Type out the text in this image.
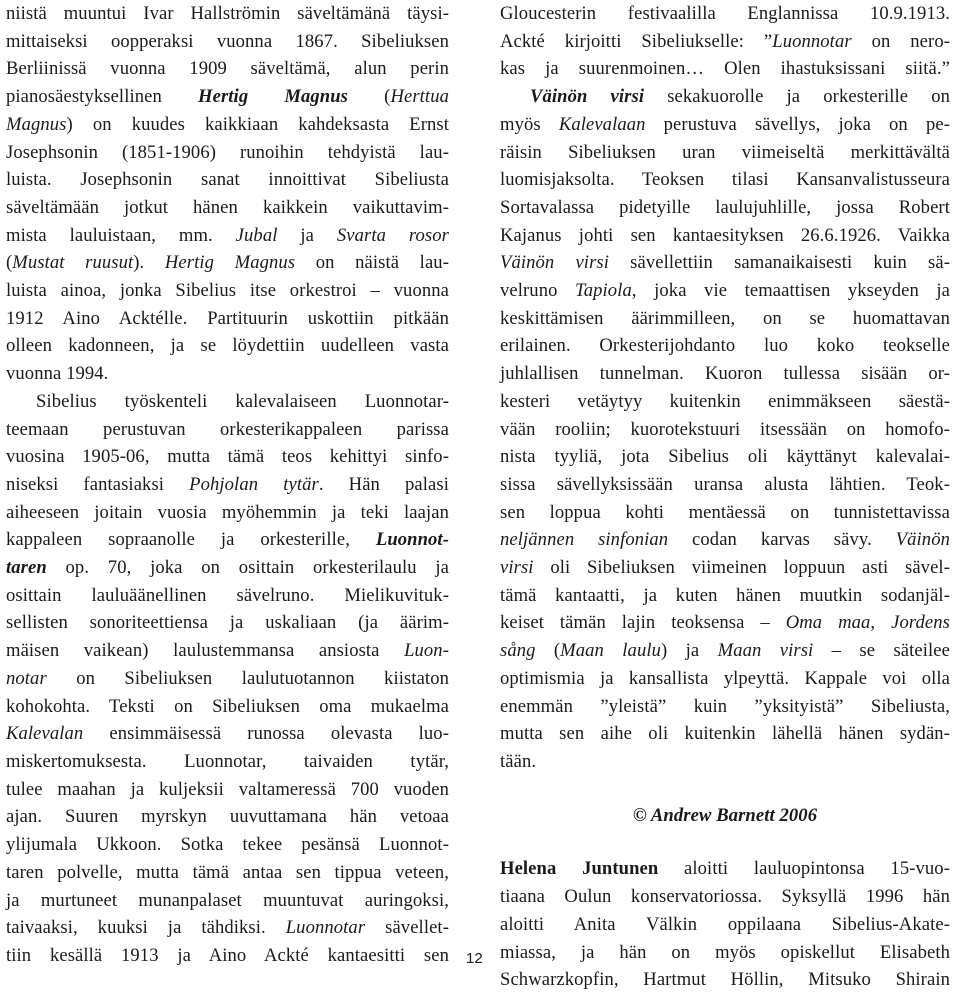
niistä muuntui Ivar Hallströmin säveltämänä täysi-
mittaiseksi oopperaksi vuonna 1867. Sibeliuksen
Berliinissä vuonna 1909 säveltämä, alun perin
pianosäestyksellinen Hertig Magnus (Herttua
Magnus) on kuudes kaikkiaan kahdeksasta Ernst
Josephsonin (1851-1906) runoihin tehdyistä lau-
luista. Josephsonin sanat innoittivat Sibeliusta
säveltämään jotkut hänen kaikkein vaikuttavim-
mista lauluistaan, mm. Jubal ja Svarta rosor
(Mustat ruusut). Hertig Magnus on näistä lau-
luista ainoa, jonka Sibelius itse orkestroi – vuonna
1912 Aino Acktélle. Partituurin uskottiin pitkään
olleen kadonneen, ja se löydettiin uudelleen vasta
vuonna 1994.
Sibelius työskenteli kalevalaiseen Luonnotar-
teemaan perustuvan orkesterikappaleen parissa
vuosina 1905-06, mutta tämä teos kehittyi sinfo-
niseksi fantasiaksi Pohjolan tytär. Hän palasi
aiheeseen joitain vuosia myöhemmin ja teki laajan
kappaleen sopraanolle ja orkesterille, Luonnot-
taren op. 70, joka on osittain orkesterilaulu ja
osittain lauluäänellinen sävelruno. Mielikuvituk-
sellisten sonoriteettiensa ja uskaliaan (ja äärim-
mäisen vaikean) laulustemmansa ansiosta Luon-
notar on Sibeliuksen laulutuotannon kiistaton
kohokohta. Teksti on Sibeliuksen oma mukaelma
Kalevalan ensimmäisessä runossa olevasta luo-
miskertomuksesta. Luonnotar, taivaiden tytär,
tulee maahan ja kuljeksii valtameressä 700 vuoden
ajan. Suuren myrskyn uuvuttamana hän vetoaa
ylijumala Ukkoon. Sotka tekee pesänsä Luonnot-
taren polvelle, mutta tämä antaa sen tippua veteen,
ja murtuneet munanpalaset muuntuvat auringoksi,
taivaaksi, kuuksi ja tähdiksi. Luonnotar sävellet-
tiin kesällä 1913 ja Aino Ackté kantaesitti sen
Gloucesterin festivaalilla Englannissa 10.9.1913.
Ackté kirjoitti Sibeliukselle: ”Luonnotar on nero-
kas ja suurenmoinen… Olen ihastuksissani siitä.”
Väinön virsi sekakuorolle ja orkesterille on
myös Kalevalaan perustuva sävellys, joka on pe-
räisin Sibeliuksen uran viimeiseltä merkittävältä
luomisjaksolta. Teoksen tilasi Kansanvalistusseura
Sortavalassa pidetyille laulujuhlille, jossa Robert
Kajanus johti sen kantaesityksen 26.6.1926. Vaikka
Väinön virsi sävellettiin samanaikaisesti kuin sä-
velruno Tapiola, joka vie temaattisen ykseyden ja
keskittämisen äärimmilleen, on se huomattavan
erilainen. Orkesterijohdanto luo koko teokselle
juhlallisen tunnelman. Kuoron tullessa sisään or-
kesteri vetäytyy kuitenkin enimmäkseen säestä-
vään rooliin; kuorotekstuuri itsessään on homofo-
nista tyyliä, jota Sibelius oli käyttänyt kalevalai-
sissa sävellyksissään uransa alusta lähtien. Teok-
sen loppua kohti mentäessä on tunnistettavissa
neljännen sinfonian codan karvas sävy. Väinön
virsi oli Sibeliuksen viimeinen loppuun asti sävel-
tämä kantaatti, ja kuten hänen muutkin sodanjäl-
keiset tämän lajin teoksensa – Oma maa, Jordens
sång (Maan laulu) ja Maan virsi – se säteilee
optimismia ja kansallista ylpeyttä. Kappale voi olla
enemmän ”yleistä” kuin ”yksityistä” Sibeliusta,
mutta sen aihe oli kuitenkin lähellä hänen sydän-
tään.
© Andrew Barnett 2006
Helena Juntunen aloitti lauluopintonsa 15-vuo-
tiaana Oulun konservatoriossa. Syksyllä 1996 hän
aloitti Anita Välkin oppilaana Sibelius-Akate-
miassa, ja hän on myös opiskellut Elisabeth
Schwarzkopfin, Hartmut Höllin, Mitsuko Shirain
12
